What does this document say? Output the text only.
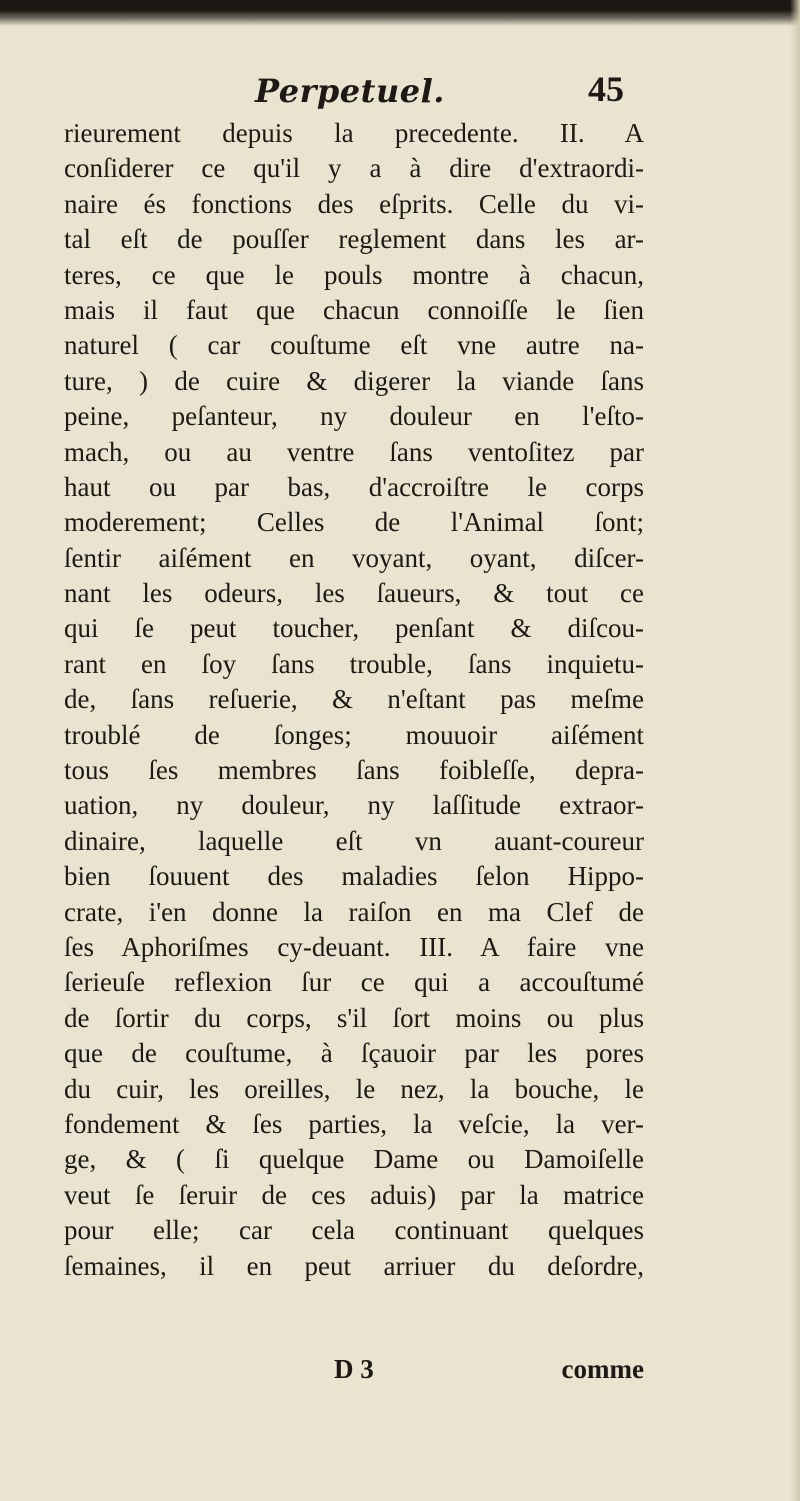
Perpetuel.	45
rieurement depuis la precedente. II. A
conſiderer ce qu'il y a à dire d'extraordi-
naire és fonctions des eſprits. Celle du vi-
tal eſt de pouſſer reglement dans les ar-
teres, ce que le pouls montre à chacun,
mais il faut que chacun connoiſſe le ſien
naturel ( car couſtume eſt vne autre na-
ture, ) de cuire & digerer la viande ſans
peine, peſanteur, ny douleur en l'eſto-
mach, ou au ventre ſans ventoſitez par
haut ou par bas, d'accroiſtre le corps
moderement; Celles de l'Animal ſont;
ſentir aiſément en voyant, oyant, diſcer-
nant les odeurs, les ſaueurs, & tout ce
qui ſe peut toucher, penſant & diſcou-
rant en ſoy ſans trouble, ſans inquietu-
de, ſans reſuerie, & n'eſtant pas meſme
troublé de ſonges; mouuoir aiſément
tous ſes membres ſans foibleſſe, depra-
uation, ny douleur, ny laſſitude extraor-
dinaire, laquelle eſt vn auant-coureur
bien ſouuent des maladies ſelon Hippo-
crate, i'en donne la raiſon en ma Clef de
ſes Aphoriſmes cy-deuant. III. A faire vne
ſerieuſe reflexion ſur ce qui a accouſtumé
de ſortir du corps, s'il ſort moins ou plus
que de couſtume, à ſçauoir par les pores
du cuir, les oreilles, le nez, la bouche, le
fondement & ſes parties, la veſcie, la ver-
ge, & ( ſi quelque Dame ou Damoiſelle
veut ſe ſeruir de ces aduis) par la matrice
pour elle; car cela continuant quelques
ſemaines, il en peut arriuer du deſordre,
D 3	comme
